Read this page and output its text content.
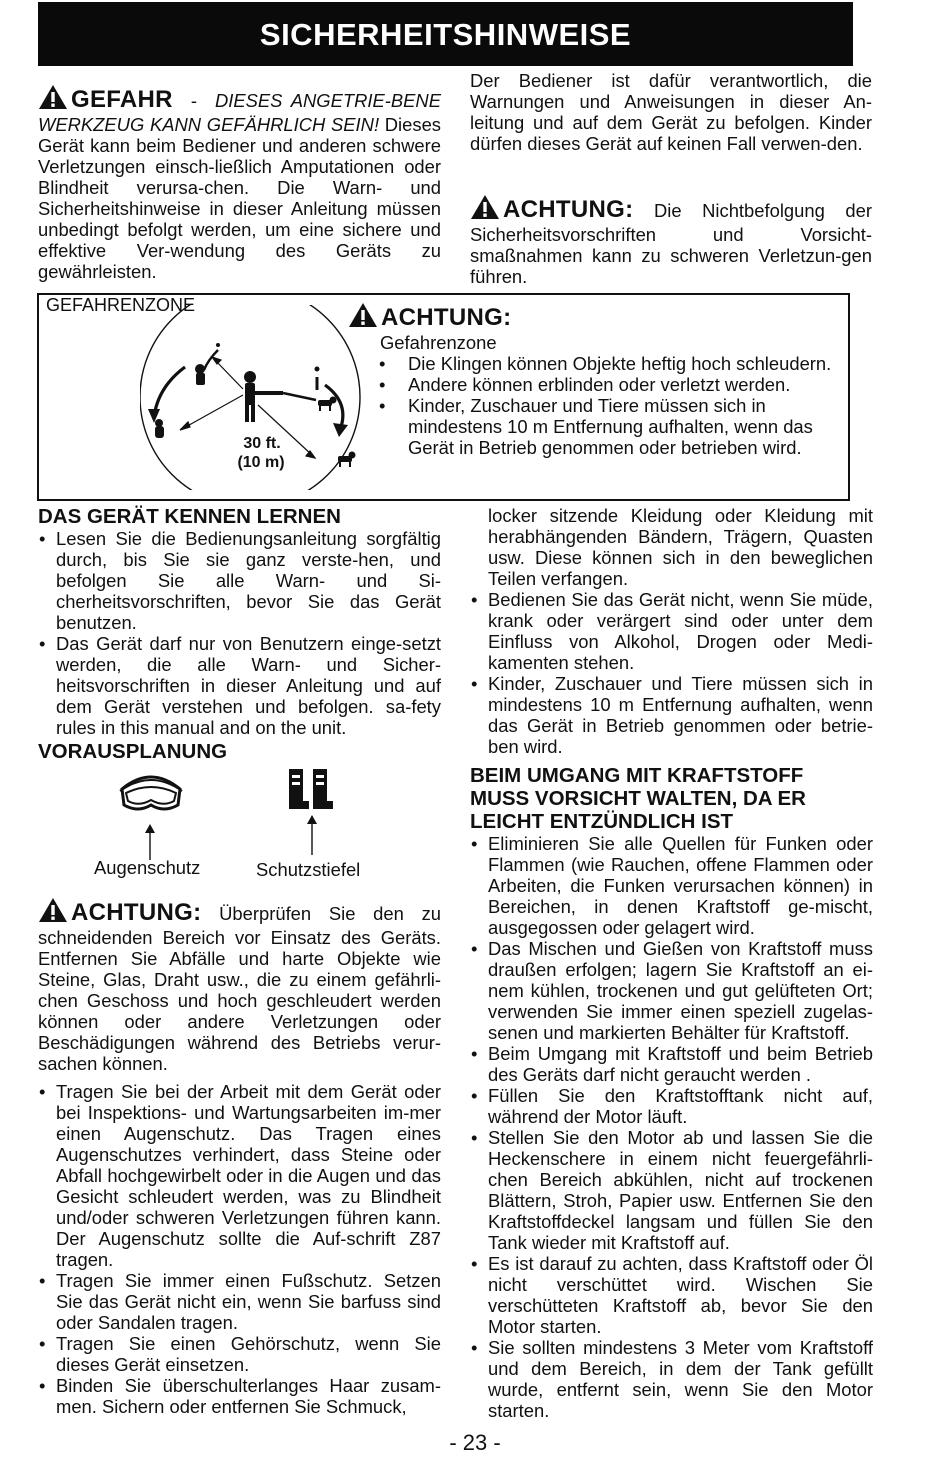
SICHERHEITSHINWEISE
GEFAHR - DIESES ANGETRIE-BENE WERKZEUG KANN GEFÄHRLICH SEIN! Dieses Gerät kann beim Bediener und anderen schwere Verletzungen einsch-ließlich Amputationen oder Blindheit verursa-chen. Die Warn- und Sicherheitshinweise in dieser Anleitung müssen unbedingt befolgt werden, um eine sichere und effektive Ver-wendung des Geräts zu gewährleisten.
Der Bediener ist dafür verantwortlich, die Warnungen und Anweisungen in dieser An-leitung und auf dem Gerät zu befolgen. Kinder dürfen dieses Gerät auf keinen Fall verwen-den.
ACHTUNG: Die Nichtbefolgung der Sicherheitsvorschriften und Vorsicht-smaßnahmen kann zu schweren Verletzun-gen führen.
GEFAHRENZONE
30 ft.
(10 m)
ACHTUNG:
Gefahrenzone
• Die Klingen können Objekte heftig hoch schleudern.
• Andere können erblinden oder verletzt werden.
• Kinder, Zuschauer und Tiere müssen sich in mindestens 10 m Entfernung aufhalten, wenn das Gerät in Betrieb genommen oder betrieben wird.
DAS GERÄT KENNEN LERNEN
• Lesen Sie die Bedienungsanleitung sorgfältig durch, bis Sie sie ganz verste-hen, und befolgen Sie alle Warn- und Si-cherheitsvorschriften, bevor Sie das Gerät benutzen.
• Das Gerät darf nur von Benutzern einge-setzt werden, die alle Warn- und Sicher-heitsvorschriften in dieser Anleitung und auf dem Gerät verstehen und befolgen. sa-fety rules in this manual and on the unit.
VORAUSPLANUNG
Augenschutz	Schutzstiefel
ACHTUNG: Überprüfen Sie den zu schneidenden Bereich vor Einsatz des Geräts. Entfernen Sie Abfälle und harte Objekte wie Steine, Glas, Draht usw., die zu einem gefährli-chen Geschoss und hoch geschleudert werden können oder andere Verletzungen oder Beschädigungen während des Betriebs verur-sachen können.
• Tragen Sie bei der Arbeit mit dem Gerät oder bei Inspektions- und Wartungsarbeiten im-mer einen Augenschutz. Das Tragen eines Augenschutzes verhindert, dass Steine oder Abfall hochgewirbelt oder in die Augen und das Gesicht schleudert werden, was zu Blindheit und/oder schweren Verletzungen führen kann. Der Augenschutz sollte die Auf-schrift Z87 tragen.
• Tragen Sie immer einen Fußschutz. Setzen Sie das Gerät nicht ein, wenn Sie barfuss sind oder Sandalen tragen.
• Tragen Sie einen Gehörschutz, wenn Sie dieses Gerät einsetzen.
• Binden Sie überschulterlanges Haar zusam-men. Sichern oder entfernen Sie Schmuck,
locker sitzende Kleidung oder Kleidung mit herabhängenden Bändern, Trägern, Quasten usw. Diese können sich in den beweglichen Teilen verfangen.
• Bedienen Sie das Gerät nicht, wenn Sie müde, krank oder verärgert sind oder unter dem Einfluss von Alkohol, Drogen oder Medi-kamenten stehen.
• Kinder, Zuschauer und Tiere müssen sich in mindestens 10 m Entfernung aufhalten, wenn das Gerät in Betrieb genommen oder betrie-ben wird.
BEIM UMGANG MIT KRAFTSTOFF MUSS VORSICHT WALTEN, DA ER LEICHT ENTZÜNDLICH IST
• Eliminieren Sie alle Quellen für Funken oder Flammen (wie Rauchen, offene Flammen oder Arbeiten, die Funken verursachen können) in Bereichen, in denen Kraftstoff ge-mischt, ausgegossen oder gelagert wird.
• Das Mischen und Gießen von Kraftstoff muss draußen erfolgen; lagern Sie Kraftstoff an ei-nem kühlen, trockenen und gut gelüfteten Ort; verwenden Sie immer einen speziell zugelas-senen und markierten Behälter für Kraftstoff.
• Beim Umgang mit Kraftstoff und beim Betrieb des Geräts darf nicht geraucht werden .
• Füllen Sie den Kraftstofftank nicht auf, während der Motor läuft.
• Stellen Sie den Motor ab und lassen Sie die Heckenschere in einem nicht feuergefährli-chen Bereich abkühlen, nicht auf trockenen Blättern, Stroh, Papier usw. Entfernen Sie den Kraftstoffdeckel langsam und füllen Sie den Tank wieder mit Kraftstoff auf.
• Es ist darauf zu achten, dass Kraftstoff oder Öl nicht verschüttet wird. Wischen Sie verschütteten Kraftstoff ab, bevor Sie den Motor starten.
• Sie sollten mindestens 3 Meter vom Kraftstoff und dem Bereich, in dem der Tank gefüllt wurde, entfernt sein, wenn Sie den Motor starten.
- 23 -
